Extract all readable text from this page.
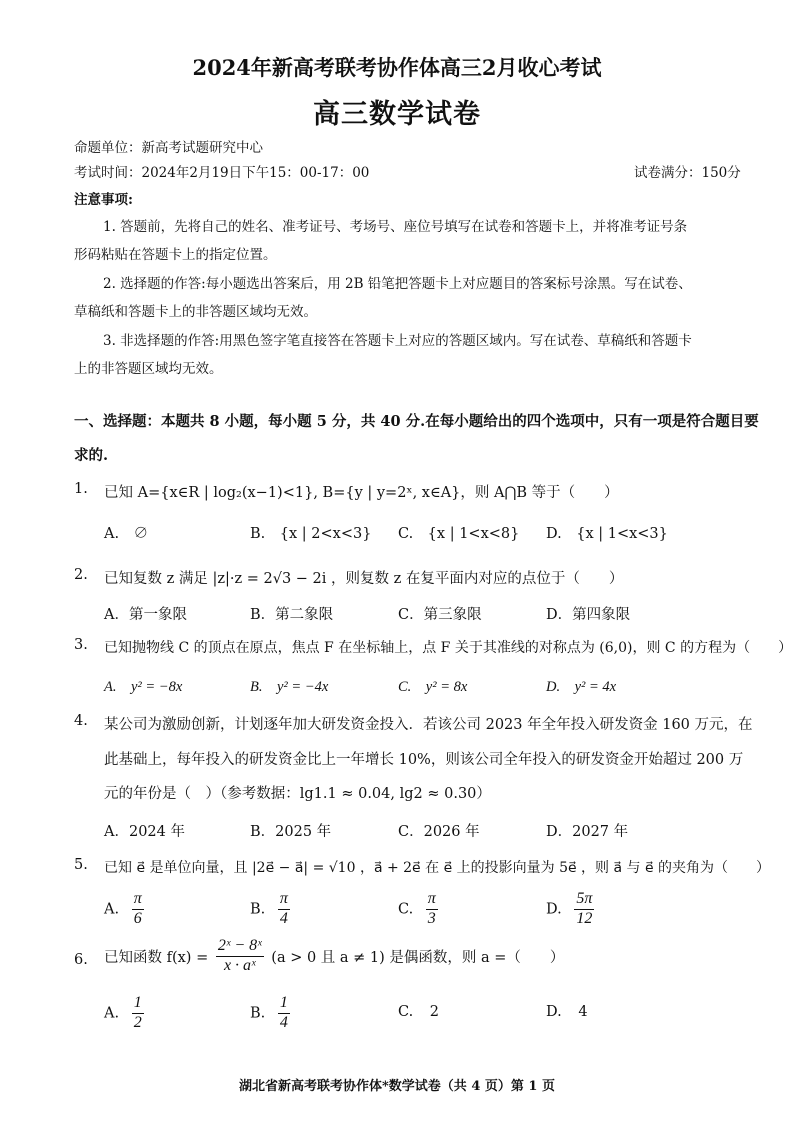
2024年新高考联考协作体高三2月收心考试
高三数学试卷
命题单位：新高考试题研究中心
考试时间：2024年2月19日下午15：00-17：00	试卷满分：150分
注意事项:
1. 答题前，先将自己的姓名、准考证号、考场号、座位号填写在试卷和答题卡上，并将准考证号条
形码粘贴在答题卡上的指定位置。
2. 选择题的作答:每小题选出答案后，用 2B 铅笔把答题卡上对应题目的答案标号涂黑。写在试卷、
草稿纸和答题卡上的非答题区域均无效。
3. 非选择题的作答:用黑色签字笔直接答在答题卡上对应的答题区域内。写在试卷、草稿纸和答题卡
上的非答题区域均无效。
一、选择题：本题共 8 小题，每小题 5 分，共 40 分.在每小题给出的四个选项中，只有一项是符合题目要
求的.
1. 已知 A={x∈R | log₂(x−1)<1}, B={y | y=2ˣ, x∈A}，则 A⋂B 等于（　　）
A.　∅	B.　{x | 2<x<3} C.　{x | 1<x<8} D.　{x | 1<x<3}
2. 已知复数 z 满足 |z|·z = 2√3 − 2i ，则复数 z 在复平面内对应的点位于（　　）
A．第一象限	B．第二象限	C．第三象限	D．第四象限
3. 已知抛物线 C 的顶点在原点，焦点 F 在坐标轴上，点 F 关于其准线的对称点为 (6,0)，则 C 的方程为（　　）
A.　y² = −8x	B.　y² = −4x	C.　y² = 8x	D.　y² = 4x
4. 某公司为激励创新，计划逐年加大研发资金投入．若该公司 2023 年全年投入研发资金 160 万元，在
此基础上，每年投入的研发资金比上一年增长 10%，则该公司全年投入的研发资金开始超过 200 万
元的年份是（　）（参考数据：lg1.1 ≈ 0.04, lg2 ≈ 0.30）
A．2024 年	B．2025 年	C．2026 年	D．2027 年
5. 已知 e⃗ 是单位向量，且 |2e⃗ − a⃗| = √10 ，a⃗ + 2e⃗ 在 e⃗ 上的投影向量为 5e⃗ ，则 a⃗ 与 e⃗ 的夹角为（　　）
A. $\frac{\pi}{6}$	B. $\frac{\pi}{4}$	C. $\frac{\pi}{3}$	D. $\frac{5\pi}{12}$
6. 已知函数 $f(x) = \frac{\text{2ˣ − 8ˣ}}{\text{x · aˣ}} (a > 0$ 且 a ≠ 1) 是偶函数，则 a =（　　）
A. $\frac{1}{2}$	B. $\frac{1}{4}$	C. 2	D. 4
湖北省新高考联考协作体*数学试卷（共 4 页）第 1 页
